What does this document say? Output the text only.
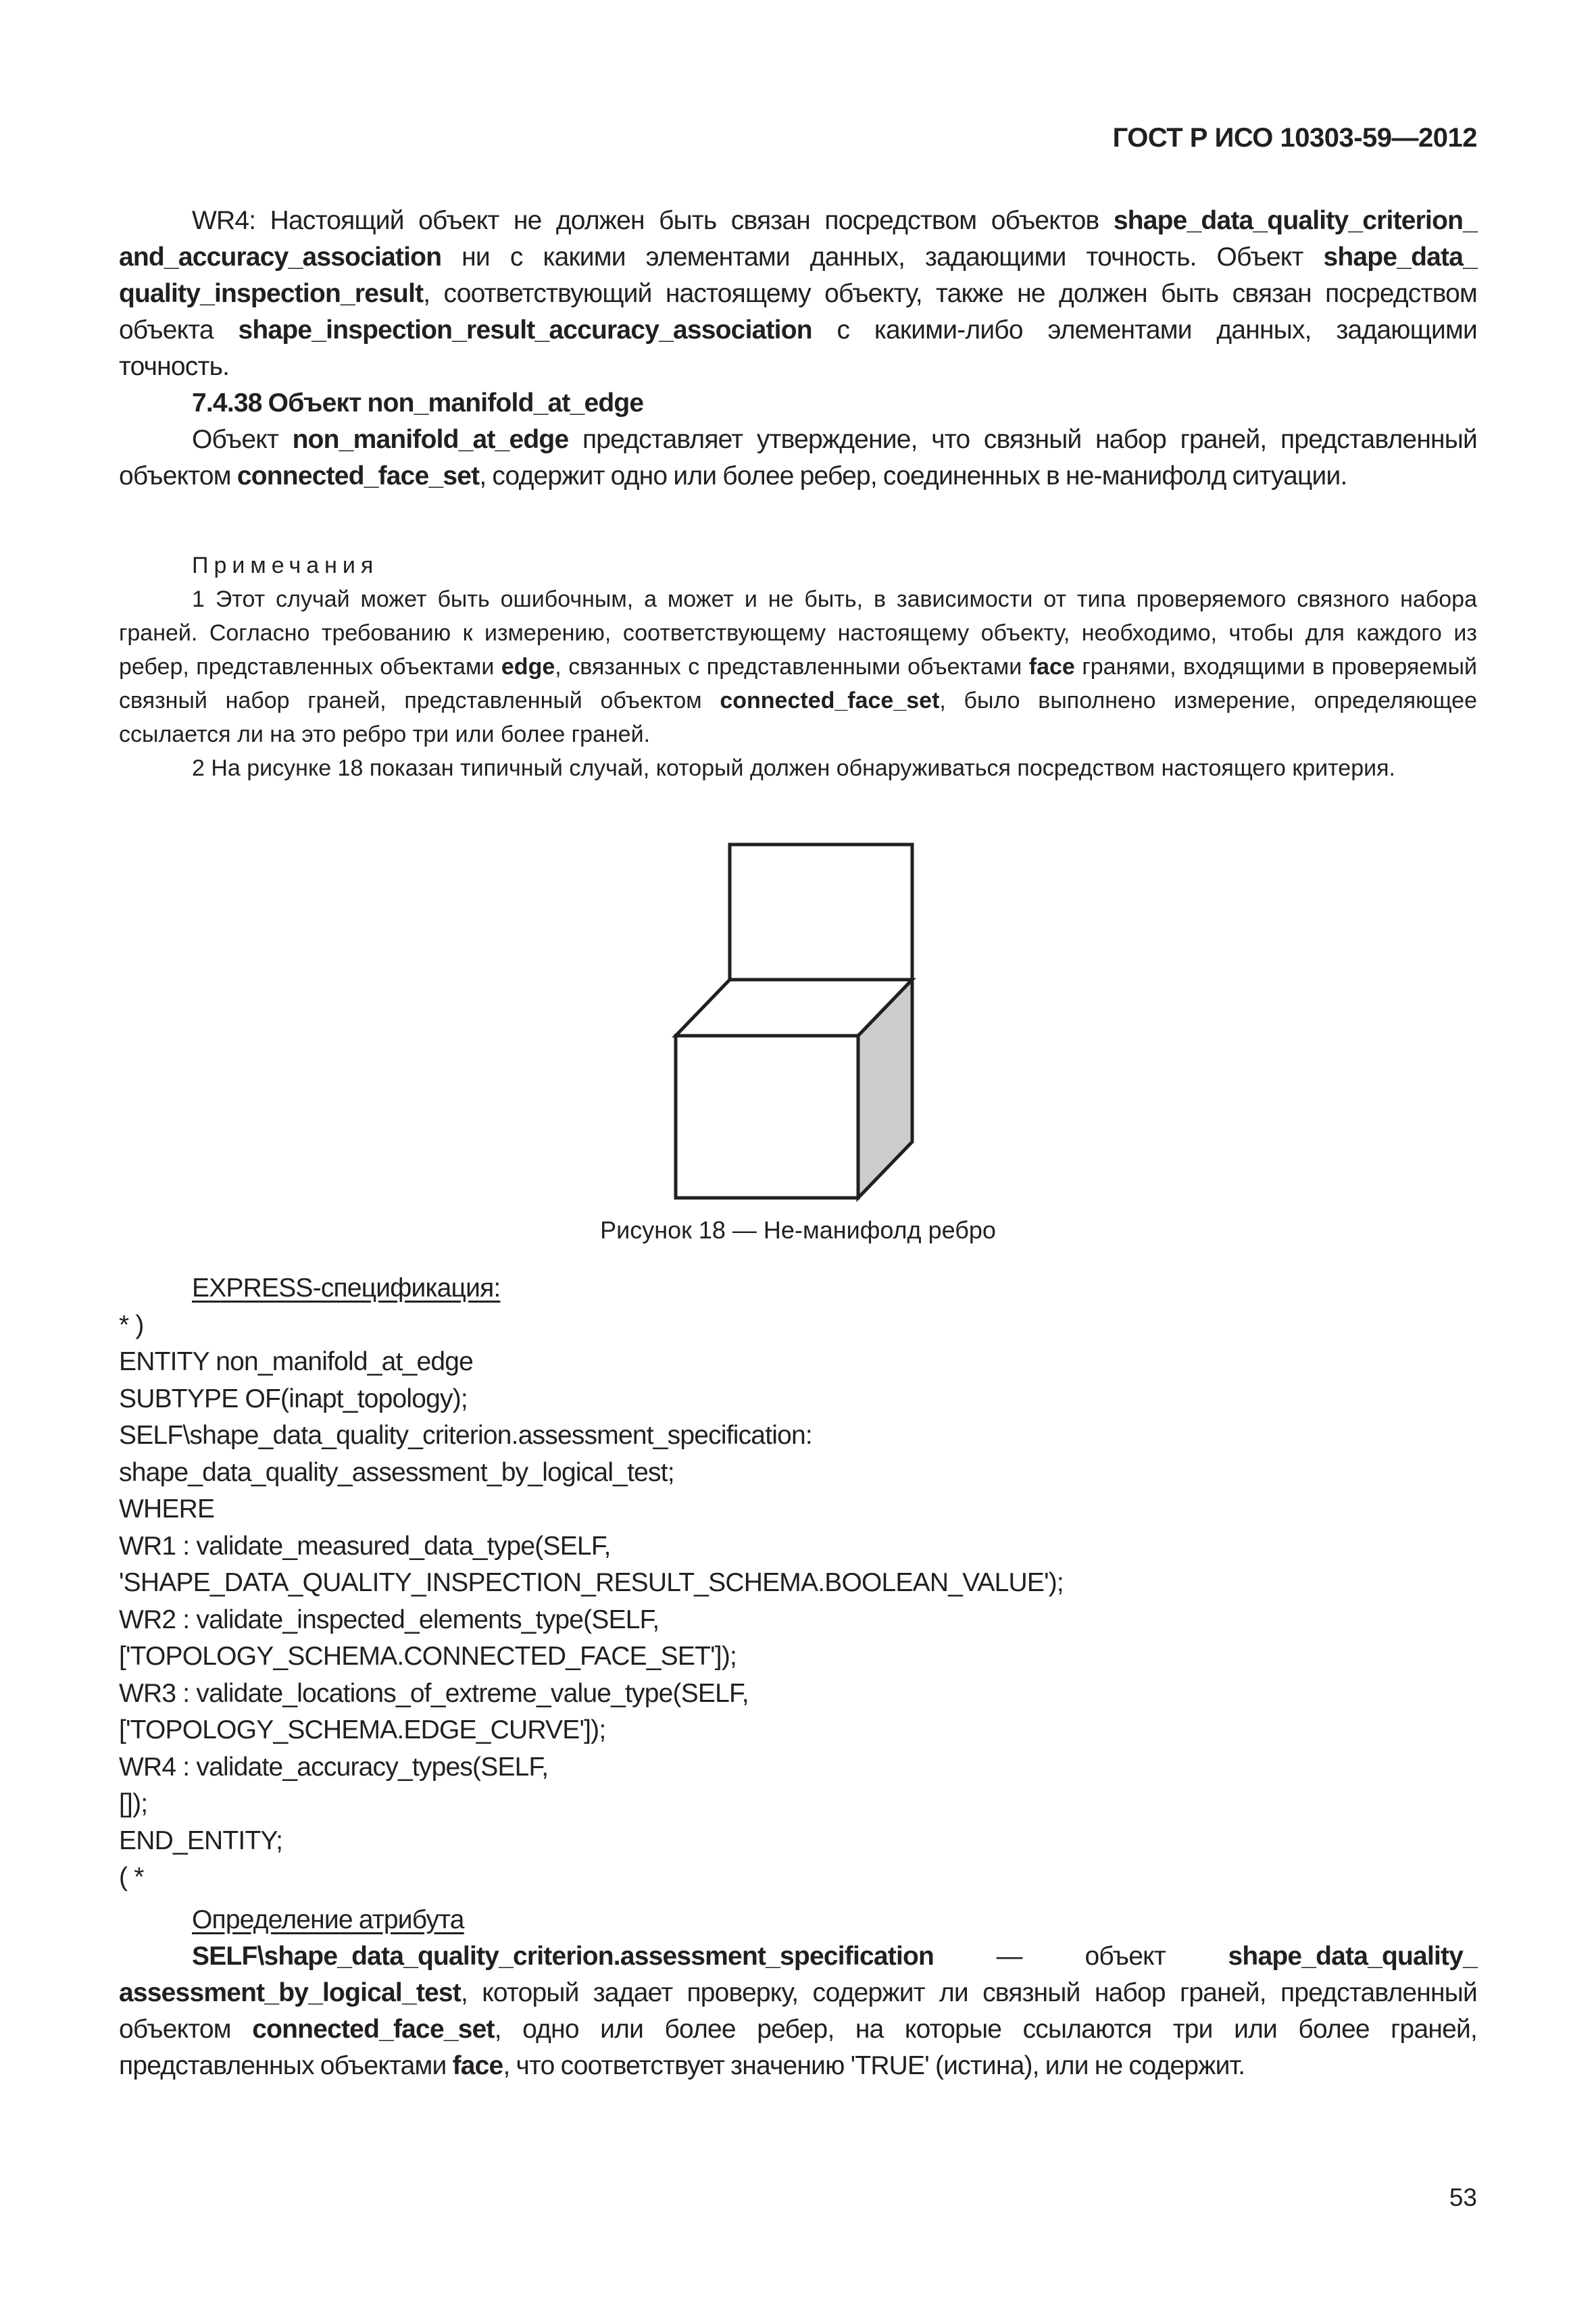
ГОСТ Р ИСО 10303-59—2012

WR4: Настоящий объект не должен быть связан посредством объектов shape_data_quality_criterion_ and_accuracy_association ни с какими элементами данных, задающими точность. Объект shape_data_ quality_inspection_result, соответствующий настоящему объекту, также не должен быть связан посредством объекта shape_inspection_result_accuracy_association с какими-либо элементами данных, задающими точность.

7.4.38 Объект non_manifold_at_edge

Объект non_manifold_at_edge представляет утверждение, что связный набор граней, представленный объектом connected_face_set, содержит одно или более ребер, соединенных в не-манифолд ситуации.

Примечания

1 Этот случай может быть ошибочным, а может и не быть, в зависимости от типа проверяемого связного набора граней. Согласно требованию к измерению, соответствующему настоящему объекту, необходимо, чтобы для каждого из ребер, представленных объектами edge, связанных с представленными объектами face гранями, входящими в проверяемый связный набор граней, представленный объектом connected_face_set, было выполнено измерение, определяющее ссылается ли на это ребро три или более граней.

2 На рисунке 18 показан типичный случай, который должен обнаруживаться посредством настоящего критерия.

Рисунок 18 — Не-манифолд ребро
EXPRESS-спецификация:
* )
ENTITY non_manifold_at_edge
SUBTYPE OF(inapt_topology);
SELF\shape_data_quality_criterion.assessment_specification:
shape_data_quality_assessment_by_logical_test;
WHERE
WR1 : validate_measured_data_type(SELF,
'SHAPE_DATA_QUALITY_INSPECTION_RESULT_SCHEMA.BOOLEAN_VALUE');
WR2 : validate_inspected_elements_type(SELF,
['TOPOLOGY_SCHEMA.CONNECTED_FACE_SET']);
WR3 : validate_locations_of_extreme_value_type(SELF,
['TOPOLOGY_SCHEMA.EDGE_CURVE']);
WR4 : validate_accuracy_types(SELF,
[]);
END_ENTITY;
( *

Определение атрибута

SELF\shape_data_quality_criterion.assessment_specification — объект shape_data_quality_ assessment_by_logical_test, который задает проверку, содержит ли связный набор граней, представленный объектом connected_face_set, одно или более ребер, на которые ссылаются три или более граней, представленных объектами face, что соответствует значению 'TRUE' (истина), или не содержит.

53
